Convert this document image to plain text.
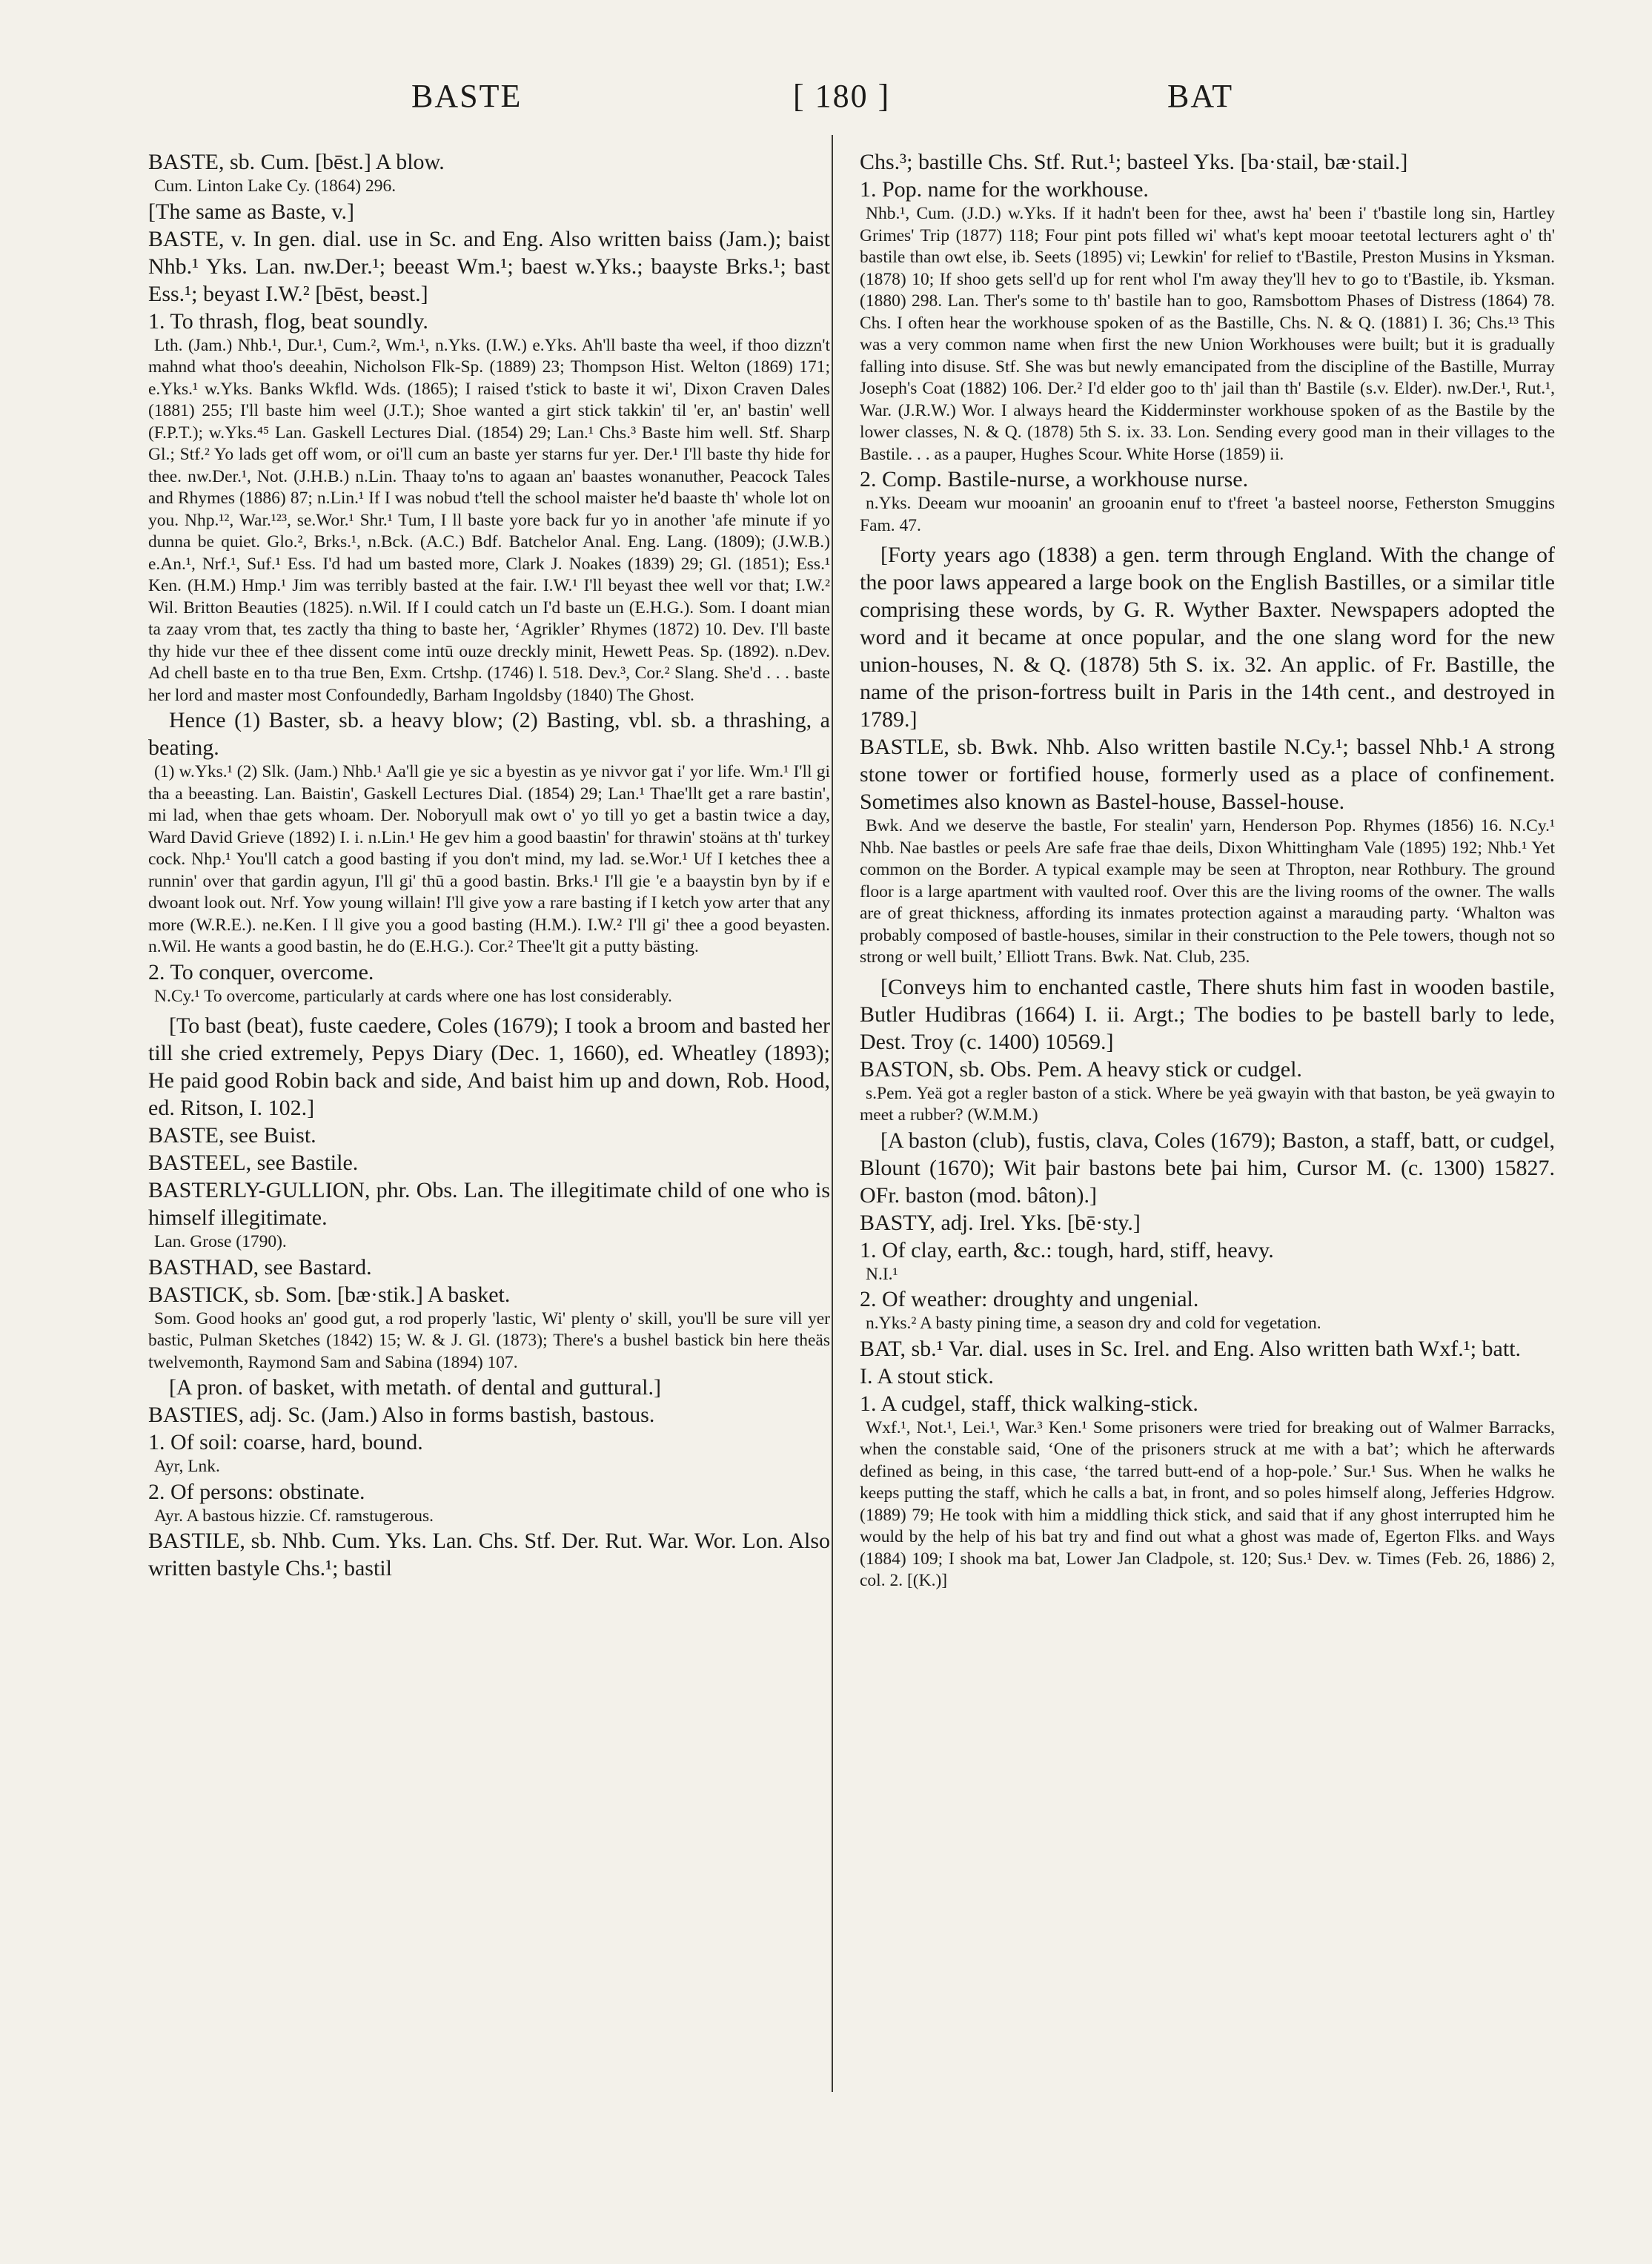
BASTE	[ 180 ]	BAT

BASTE, sb. Cum. [bēst.] A blow.

Cum. Linton Lake Cy. (1864) 296.

[The same as Baste, v.]

BASTE, v. In gen. dial. use in Sc. and Eng. Also written baiss (Jam.); baist Nhb.¹ Yks. Lan. nw.Der.¹; beeast Wm.¹; baest w.Yks.; baayste Brks.¹; bast Ess.¹; beyast I.W.² [bēst, beəst.]

1. To thrash, flog, beat soundly.

Lth. (Jam.) Nhb.¹, Dur.¹, Cum.², Wm.¹, n.Yks. (I.W.) e.Yks. Ah'll baste tha weel, if thoo dizzn't mahnd what thoo's deeahin, Nicholson Flk-Sp. (1889) 23; Thompson Hist. Welton (1869) 171; e.Yks.¹ w.Yks. Banks Wkfld. Wds. (1865); I raised t'stick to baste it wi', Dixon Craven Dales (1881) 255; I'll baste him weel (J.T.); Shoe wanted a girt stick takkin' til 'er, an' bastin' well (F.P.T.); w.Yks.⁴⁵ Lan. Gaskell Lectures Dial. (1854) 29; Lan.¹ Chs.³ Baste him well. Stf. Sharp Gl.; Stf.² Yo lads get off wom, or oi'll cum an baste yer starns fur yer. Der.¹ I'll baste thy hide for thee. nw.Der.¹, Not. (J.H.B.) n.Lin. Thaay to'ns to agaan an' baastes wonanuther, Peacock Tales and Rhymes (1886) 87; n.Lin.¹ If I was nobud t'tell the school maister he'd baaste th' whole lot on you. Nhp.¹², War.¹²³, se.Wor.¹ Shr.¹ Tum, I ll baste yore back fur yo in another 'afe minute if yo dunna be quiet. Glo.², Brks.¹, n.Bck. (A.C.) Bdf. Batchelor Anal. Eng. Lang. (1809); (J.W.B.) e.An.¹, Nrf.¹, Suf.¹ Ess. I'd had um basted more, Clark J. Noakes (1839) 29; Gl. (1851); Ess.¹ Ken. (H.M.) Hmp.¹ Jim was terribly basted at the fair. I.W.¹ I'll beyast thee well vor that; I.W.² Wil. Britton Beauties (1825). n.Wil. If I could catch un I'd baste un (E.H.G.). Som. I doant mian ta zaay vrom that, tes zactly tha thing to baste her, ‘Agrikler’ Rhymes (1872) 10. Dev. I'll baste thy hide vur thee ef thee dissent come intū ouze dreckly minit, Hewett Peas. Sp. (1892). n.Dev. Ad chell baste en to tha true Ben, Exm. Crtshp. (1746) l. 518. Dev.³, Cor.² Slang. She'd . . . baste her lord and master most Confoundedly, Barham Ingoldsby (1840) The Ghost.

Hence (1) Baster, sb. a heavy blow; (2) Basting, vbl. sb. a thrashing, a beating.

(1) w.Yks.¹ (2) Slk. (Jam.) Nhb.¹ Aa'll gie ye sic a byestin as ye nivvor gat i' yor life. Wm.¹ I'll gi tha a beeasting. Lan. Baistin', Gaskell Lectures Dial. (1854) 29; Lan.¹ Thae'llt get a rare bastin', mi lad, when thae gets whoam. Der. Noboryull mak owt o' yo till yo get a bastin twice a day, Ward David Grieve (1892) I. i. n.Lin.¹ He gev him a good baastin' for thrawin' stoäns at th' turkey cock. Nhp.¹ You'll catch a good basting if you don't mind, my lad. se.Wor.¹ Uf I ketches thee a runnin' over that gardin agyun, I'll gi' thū a good bastin. Brks.¹ I'll gie 'e a baaystin byn by if e dwoant look out. Nrf. Yow young willain! I'll give yow a rare basting if I ketch yow arter that any more (W.R.E.). ne.Ken. I ll give you a good basting (H.M.). I.W.² I'll gi' thee a good beyasten. n.Wil. He wants a good bastin, he do (E.H.G.). Cor.² Thee'lt git a putty bästing.

2. To conquer, overcome.

N.Cy.¹ To overcome, particularly at cards where one has lost considerably.

[To bast (beat), fuste caedere, Coles (1679); I took a broom and basted her till she cried extremely, Pepys Diary (Dec. 1, 1660), ed. Wheatley (1893); He paid good Robin back and side, And baist him up and down, Rob. Hood, ed. Ritson, I. 102.]

BASTE, see Buist.

BASTEEL, see Bastile.

BASTERLY-GULLION, phr. Obs. Lan. The illegitimate child of one who is himself illegitimate.

Lan. Grose (1790).

BASTHAD, see Bastard.

BASTICK, sb. Som. [bæ·stik.] A basket.

Som. Good hooks an' good gut, a rod properly 'lastic, Wi' plenty o' skill, you'll be sure vill yer bastic, Pulman Sketches (1842) 15; W. & J. Gl. (1873); There's a bushel bastick bin here theäs twelvemonth, Raymond Sam and Sabina (1894) 107.

[A pron. of basket, with metath. of dental and guttural.]

BASTIES, adj. Sc. (Jam.) Also in forms bastish, bastous.

1. Of soil: coarse, hard, bound.

Ayr, Lnk.

2. Of persons: obstinate.

Ayr. A bastous hizzie. Cf. ramstugerous.

BASTILE, sb. Nhb. Cum. Yks. Lan. Chs. Stf. Der. Rut. War. Wor. Lon. Also written bastyle Chs.¹; bastil

Chs.³; bastille Chs. Stf. Rut.¹; basteel Yks. [ba·stail, bæ·stail.]

1. Pop. name for the workhouse.

Nhb.¹, Cum. (J.D.) w.Yks. If it hadn't been for thee, awst ha' been i' t'bastile long sin, Hartley Grimes' Trip (1877) 118; Four pint pots filled wi' what's kept mooar teetotal lecturers aght o' th' bastile than owt else, ib. Seets (1895) vi; Lewkin' for relief to t'Bastile, Preston Musins in Yksman. (1878) 10; If shoo gets sell'd up for rent whol I'm away they'll hev to go to t'Bastile, ib. Yksman. (1880) 298. Lan. Ther's some to th' bastile han to goo, Ramsbottom Phases of Distress (1864) 78. Chs. I often hear the workhouse spoken of as the Bastille, Chs. N. & Q. (1881) I. 36; Chs.¹³ This was a very common name when first the new Union Workhouses were built; but it is gradually falling into disuse. Stf. She was but newly emancipated from the discipline of the Bastille, Murray Joseph's Coat (1882) 106. Der.² I'd elder goo to th' jail than th' Bastile (s.v. Elder). nw.Der.¹, Rut.¹, War. (J.R.W.) Wor. I always heard the Kidderminster workhouse spoken of as the Bastile by the lower classes, N. & Q. (1878) 5th S. ix. 33. Lon. Sending every good man in their villages to the Bastile. . . as a pauper, Hughes Scour. White Horse (1859) ii.

2. Comp. Bastile-nurse, a workhouse nurse.

n.Yks. Deeam wur mooanin' an grooanin enuf to t'freet 'a basteel noorse, Fetherston Smuggins Fam. 47.

[Forty years ago (1838) a gen. term through England. With the change of the poor laws appeared a large book on the English Bastilles, or a similar title comprising these words, by G. R. Wyther Baxter. Newspapers adopted the word and it became at once popular, and the one slang word for the new union-houses, N. & Q. (1878) 5th S. ix. 32. An applic. of Fr. Bastille, the name of the prison-fortress built in Paris in the 14th cent., and destroyed in 1789.]

BASTLE, sb. Bwk. Nhb. Also written bastile N.Cy.¹; bassel Nhb.¹ A strong stone tower or fortified house, formerly used as a place of confinement. Sometimes also known as Bastel-house, Bassel-house.

Bwk. And we deserve the bastle, For stealin' yarn, Henderson Pop. Rhymes (1856) 16. N.Cy.¹ Nhb. Nae bastles or peels Are safe frae thae deils, Dixon Whittingham Vale (1895) 192; Nhb.¹ Yet common on the Border. A typical example may be seen at Thropton, near Rothbury. The ground floor is a large apartment with vaulted roof. Over this are the living rooms of the owner. The walls are of great thickness, affording its inmates protection against a marauding party. ‘Whalton was probably composed of bastle-houses, similar in their construction to the Pele towers, though not so strong or well built,’ Elliott Trans. Bwk. Nat. Club, 235.

[Conveys him to enchanted castle, There shuts him fast in wooden bastile, Butler Hudibras (1664) I. ii. Argt.; The bodies to þe bastell barly to lede, Dest. Troy (c. 1400) 10569.]

BASTON, sb. Obs. Pem. A heavy stick or cudgel.

s.Pem. Yeä got a regler baston of a stick. Where be yeä gwayin with that baston, be yeä gwayin to meet a rubber? (W.M.M.)

[A baston (club), fustis, clava, Coles (1679); Baston, a staff, batt, or cudgel, Blount (1670); Wit þair bastons bete þai him, Cursor M. (c. 1300) 15827. OFr. baston (mod. bâton).]

BASTY, adj. Irel. Yks. [bē·sty.]

1. Of clay, earth, &c.: tough, hard, stiff, heavy.

N.I.¹

2. Of weather: droughty and ungenial.

n.Yks.² A basty pining time, a season dry and cold for vegetation.

BAT, sb.¹ Var. dial. uses in Sc. Irel. and Eng. Also written bath Wxf.¹; batt.

I. A stout stick.

1. A cudgel, staff, thick walking-stick.

Wxf.¹, Not.¹, Lei.¹, War.³ Ken.¹ Some prisoners were tried for breaking out of Walmer Barracks, when the constable said, ‘One of the prisoners struck at me with a bat’; which he afterwards defined as being, in this case, ‘the tarred butt-end of a hop-pole.’ Sur.¹ Sus. When he walks he keeps putting the staff, which he calls a bat, in front, and so poles himself along, Jefferies Hdgrow. (1889) 79; He took with him a middling thick stick, and said that if any ghost interrupted him he would by the help of his bat try and find out what a ghost was made of, Egerton Flks. and Ways (1884) 109; I shook ma bat, Lower Jan Cladpole, st. 120; Sus.¹ Dev. w. Times (Feb. 26, 1886) 2, col. 2. [(K.)]
